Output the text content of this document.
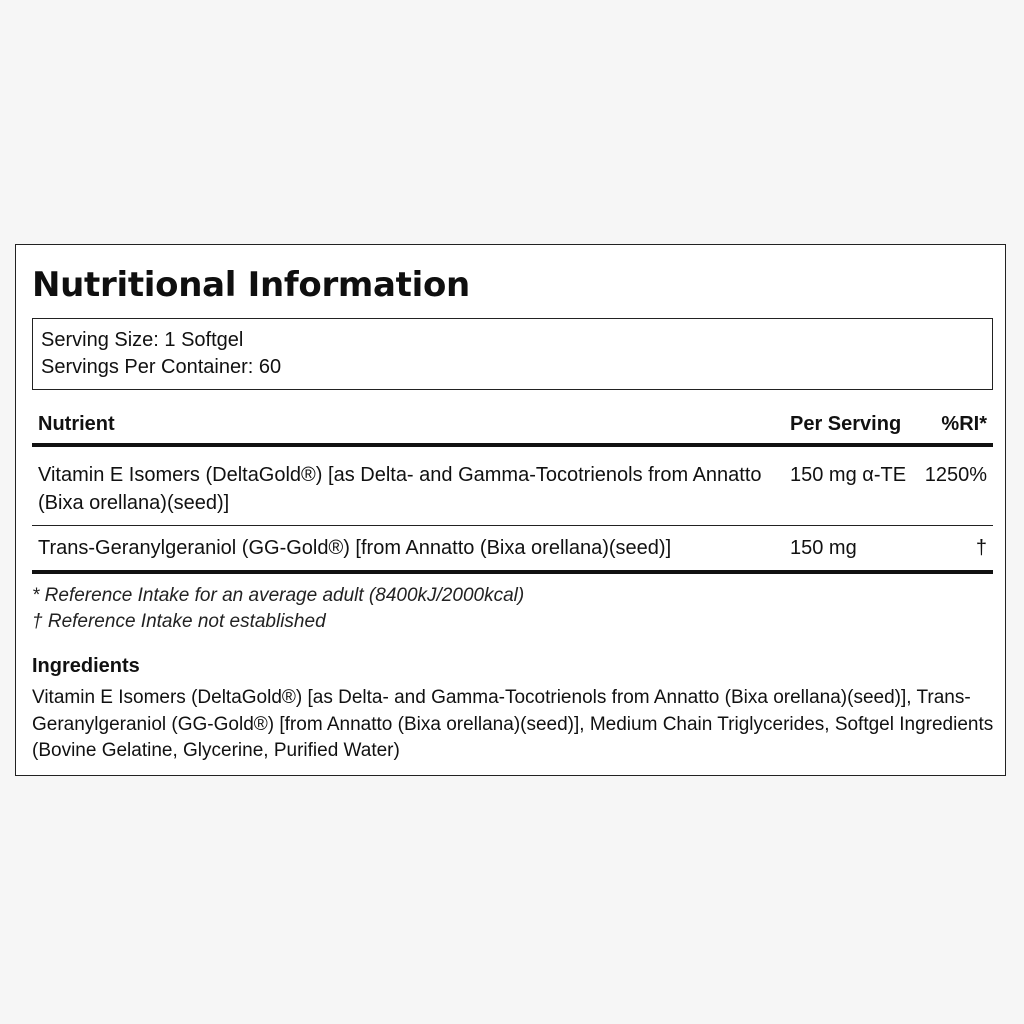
Nutritional Information
Serving Size: 1 Softgel
Servings Per Container: 60
Nutrient	Per Serving	%RI*
Vitamin E Isomers (DeltaGold®) [as Delta- and Gamma-Tocotrienols from Annatto (Bixa orellana)(seed)]	150 mg α-TE	1250%
Trans-Geranylgeraniol (GG-Gold®) [from Annatto (Bixa orellana)(seed)]	150 mg	†
* Reference Intake for an average adult (8400kJ/2000kcal)
† Reference Intake not established
Ingredients

Vitamin E Isomers (DeltaGold®) [as Delta- and Gamma-Tocotrienols from Annatto (Bixa orellana)(seed)], Trans-Geranylgeraniol (GG-Gold®) [from Annatto (Bixa orellana)(seed)], Medium Chain Triglycerides, Softgel Ingredients (Bovine Gelatine, Glycerine, Purified Water)
